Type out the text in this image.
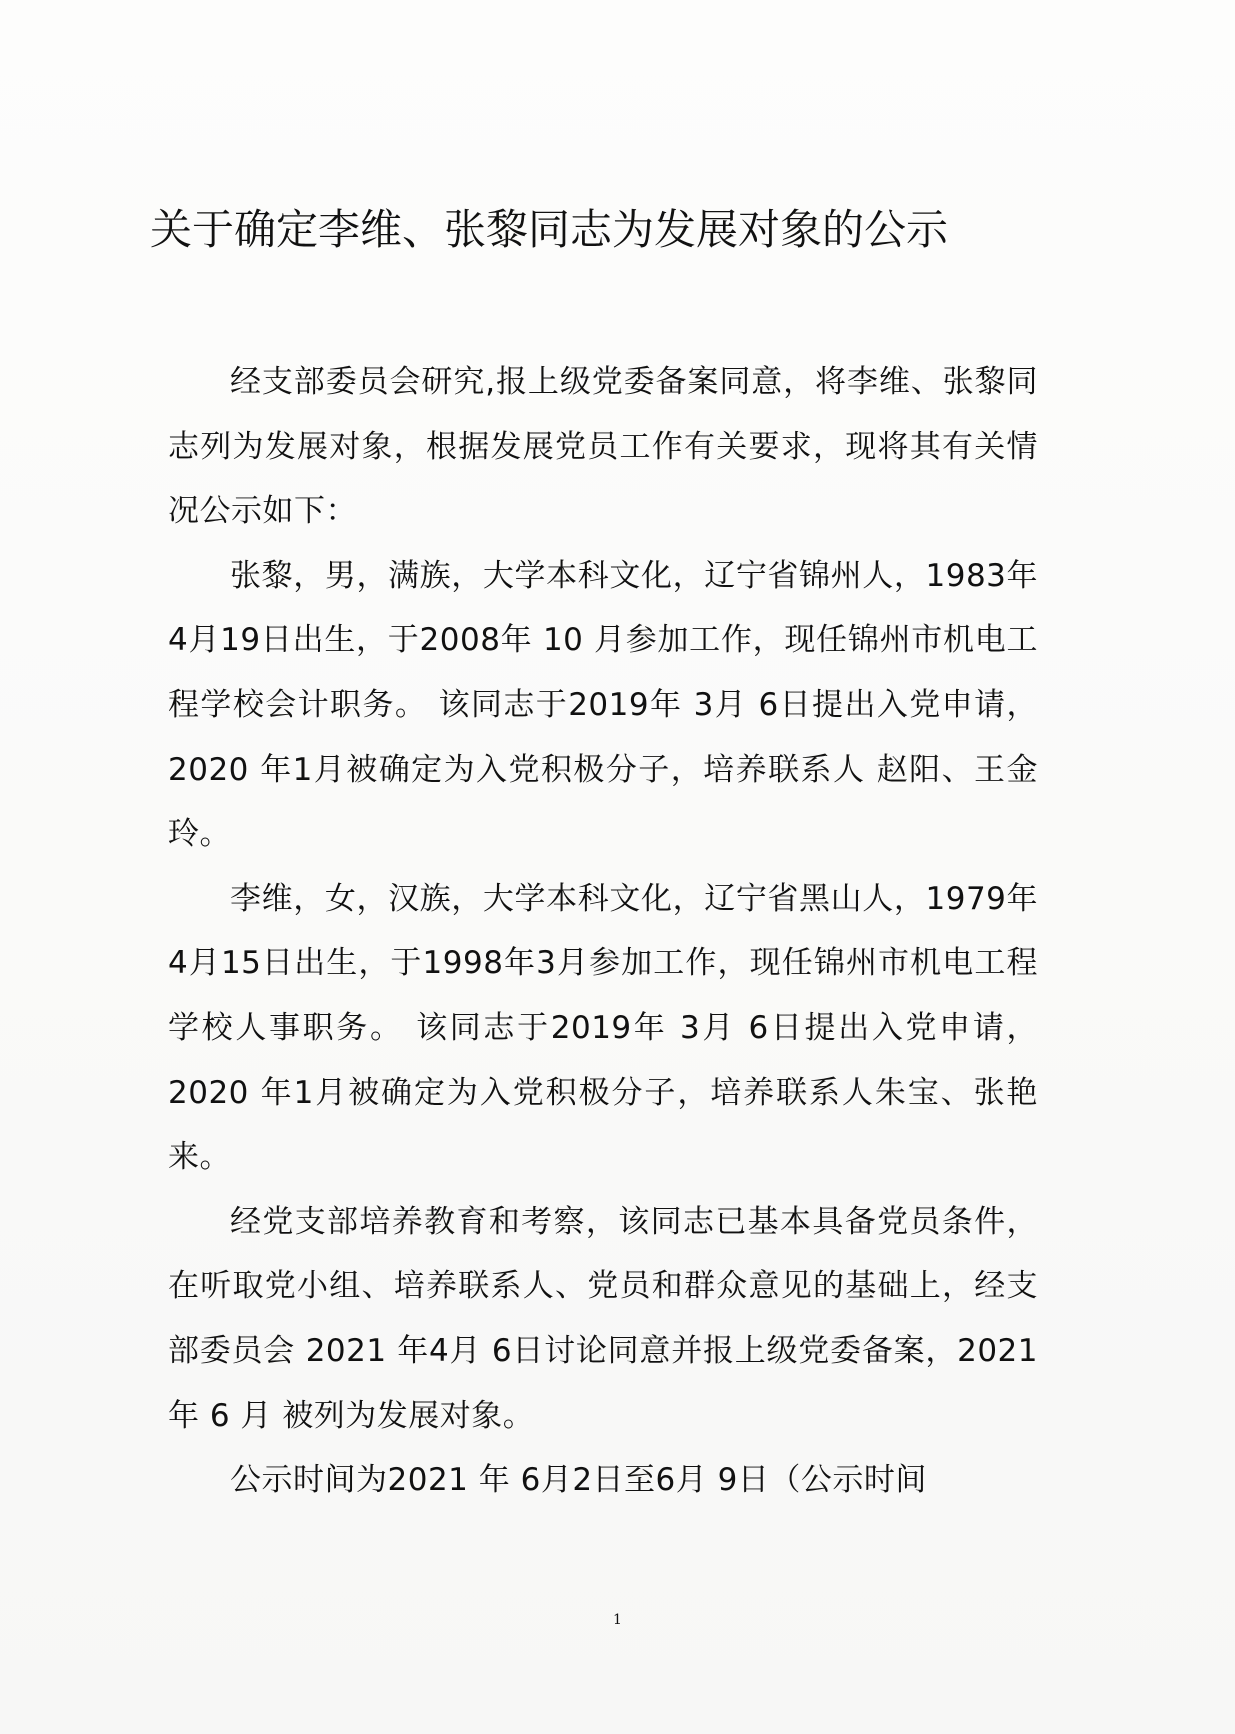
关于确定李维、张黎同志为发展对象的公示

经支部委员会研究,报上级党委备案同意，将李维、张黎同志列为发展对象，根据发展党员工作有关要求，现将其有关情况公示如下：

张黎，男，满族，大学本科文化，辽宁省锦州人，1983年4月19日出生，于2008年 10 月参加工作，现任锦州市机电工程学校会计职务。 该同志于2019年 3月 6日提出入党申请，2020 年1月被确定为入党积极分子，培养联系人 赵阳、王金玲。

李维，女，汉族，大学本科文化，辽宁省黑山人，1979年4月15日出生，于1998年3月参加工作，现任锦州市机电工程学校人事职务。 该同志于2019年 3月 6日提出入党申请，2020 年1月被确定为入党积极分子，培养联系人朱宝、张艳来。

经党支部培养教育和考察，该同志已基本具备党员条件，在听取党小组、培养联系人、党员和群众意见的基础上，经支部委员会 2021 年4月 6日讨论同意并报上级党委备案，2021 年 6 月 被列为发展对象。

公示时间为2021 年 6月2日至6月 9日（公示时间

1
